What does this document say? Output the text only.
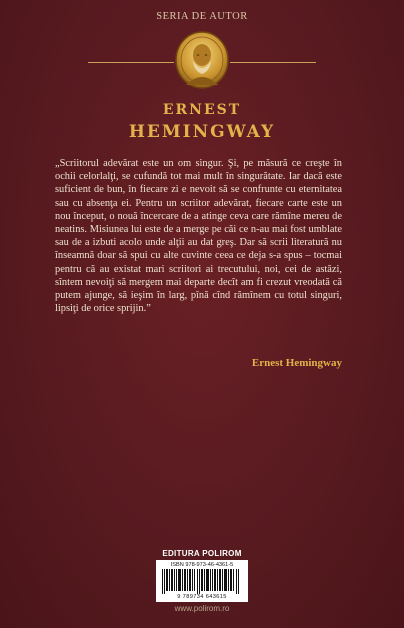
SERIA DE AUTOR
ERNEST
HEMINGWAY

„Scriitorul adevărat este un om singur. Şi, pe măsură ce creşte în ochii celorlalţi, se cufundă tot mai mult în singurătate. Iar dacă este suficient de bun, în fiecare zi e nevoit să se confrunte cu eternitatea sau cu absenţa ei. Pentru un scriitor adevărat, fiecare carte este un nou început, o nouă încercare de a atinge ceva care rămîne mereu de neatins. Misiunea lui este de a merge pe căi ce n-au mai fost umblate sau de a izbuti acolo unde alţii au dat greş. Dar să scrii literatură nu înseamnă doar să spui cu alte cuvinte ceea ce deja s-a spus – tocmai pentru că au existat mari scriitori ai trecutului, noi, cei de astăzi, sîntem nevoiţi să mergem mai departe decît am fi crezut vreodată că putem ajunge, să ieşim în larg, pînă cînd rămînem cu totul singuri, lipsiţi de orice sprijin.”

Ernest Hemingway
EDITURA POLIROM
ISBN 978-973-46-4361-5
9 789734 643615
www.polirom.ro
